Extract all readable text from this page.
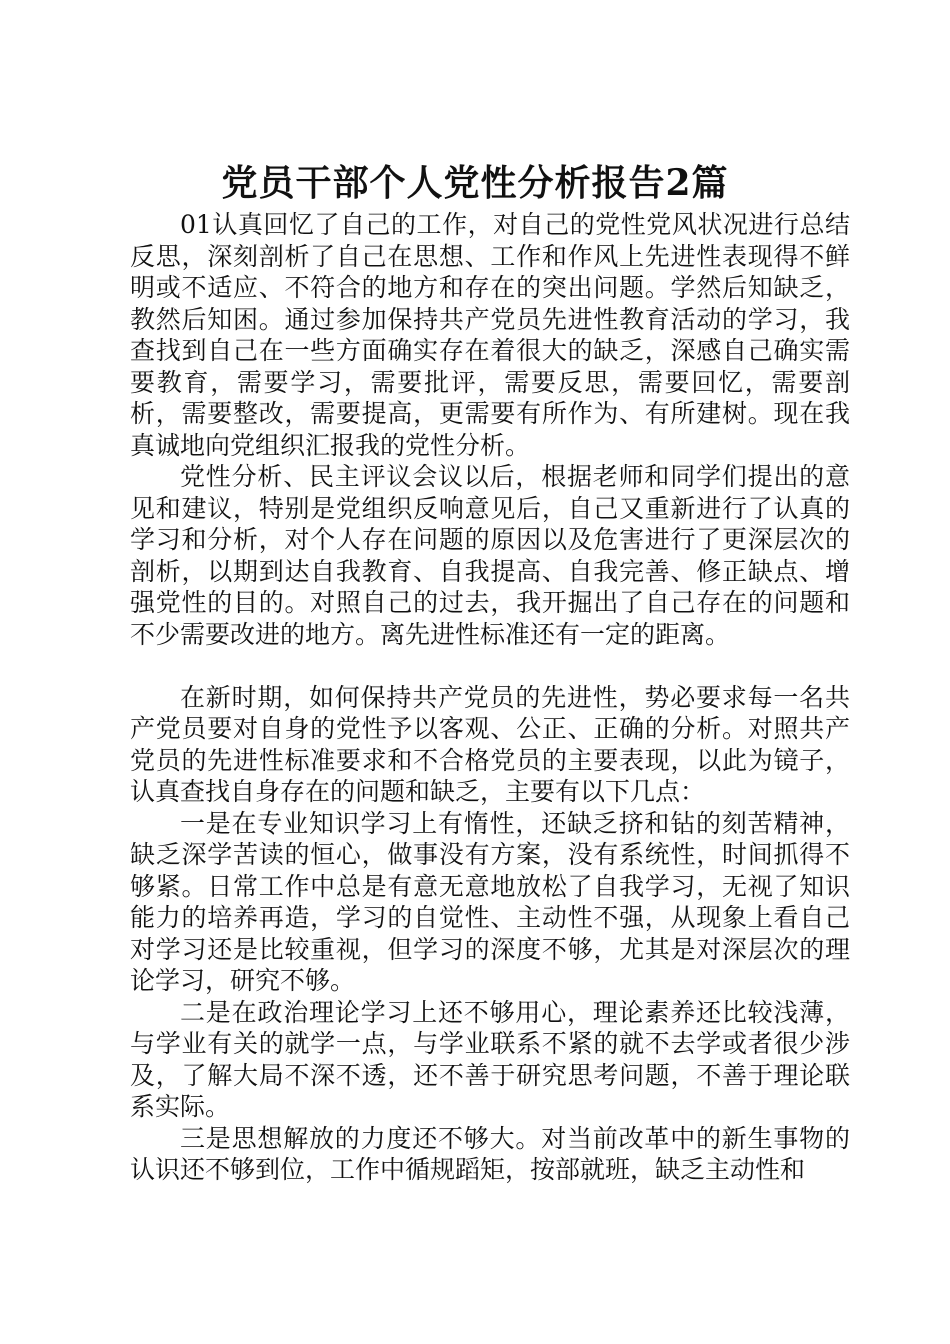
党员干部个人党性分析报告2篇

01认真回忆了自己的工作，对自己的党性党风状况进行总结反思，深刻剖析了自己在思想、工作和作风上先进性表现得不鲜明或不适应、不符合的地方和存在的突出问题。学然后知缺乏，教然后知困。通过参加保持共产党员先进性教育活动的学习，我查找到自己在一些方面确实存在着很大的缺乏，深感自己确实需要教育，需要学习，需要批评，需要反思，需要回忆，需要剖析，需要整改，需要提高，更需要有所作为、有所建树。现在我真诚地向党组织汇报我的党性分析。

党性分析、民主评议会议以后，根据老师和同学们提出的意见和建议，特别是党组织反响意见后，自己又重新进行了认真的学习和分析，对个人存在问题的原因以及危害进行了更深层次的剖析，以期到达自我教育、自我提高、自我完善、修正缺点、增强党性的目的。对照自己的过去，我开掘出了自己存在的问题和不少需要改进的地方。离先进性标准还有一定的距离。

在新时期，如何保持共产党员的先进性，势必要求每一名共产党员要对自身的党性予以客观、公正、正确的分析。对照共产党员的先进性标准要求和不合格党员的主要表现，以此为镜子，认真查找自身存在的问题和缺乏，主要有以下几点：

一是在专业知识学习上有惰性，还缺乏挤和钻的刻苦精神，缺乏深学苦读的恒心，做事没有方案，没有系统性，时间抓得不够紧。日常工作中总是有意无意地放松了自我学习，无视了知识能力的培养再造，学习的自觉性、主动性不强，从现象上看自己对学习还是比较重视，但学习的深度不够，尤其是对深层次的理论学习，研究不够。

二是在政治理论学习上还不够用心，理论素养还比较浅薄，与学业有关的就学一点，与学业联系不紧的就不去学或者很少涉及，了解大局不深不透，还不善于研究思考问题，不善于理论联系实际。

三是思想解放的力度还不够大。对当前改革中的新生事物的认识还不够到位，工作中循规蹈矩，按部就班，缺乏主动性和
